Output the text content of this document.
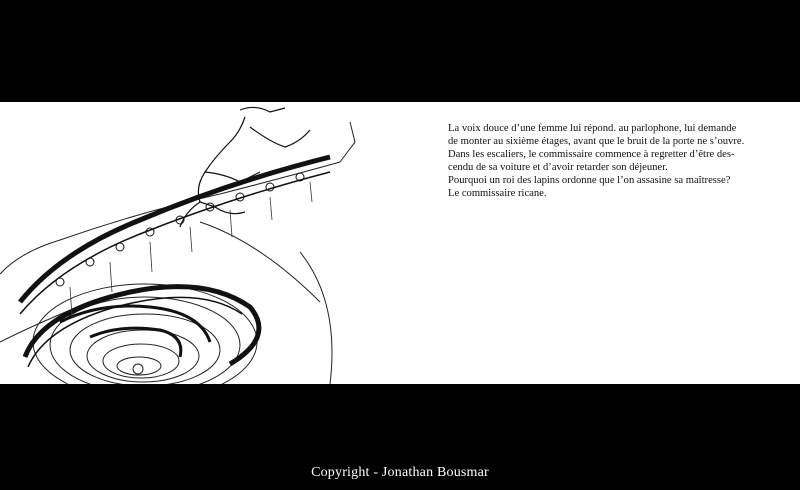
La voix douce d’une femme lui répond. au parlophone, lui demande
de monter au sixième étages, avant que le bruit de la porte ne s’ouvre.
Dans les escaliers, le commissaire commence à regretter d’être des-
cendu de sa voiture et d’avoir retarder son déjeuner.
Pourquoi un roi des lapins ordonne que l’on assasine sa maîtresse?
Le commissaire ricane.
Copyright - Jonathan Bousmar
